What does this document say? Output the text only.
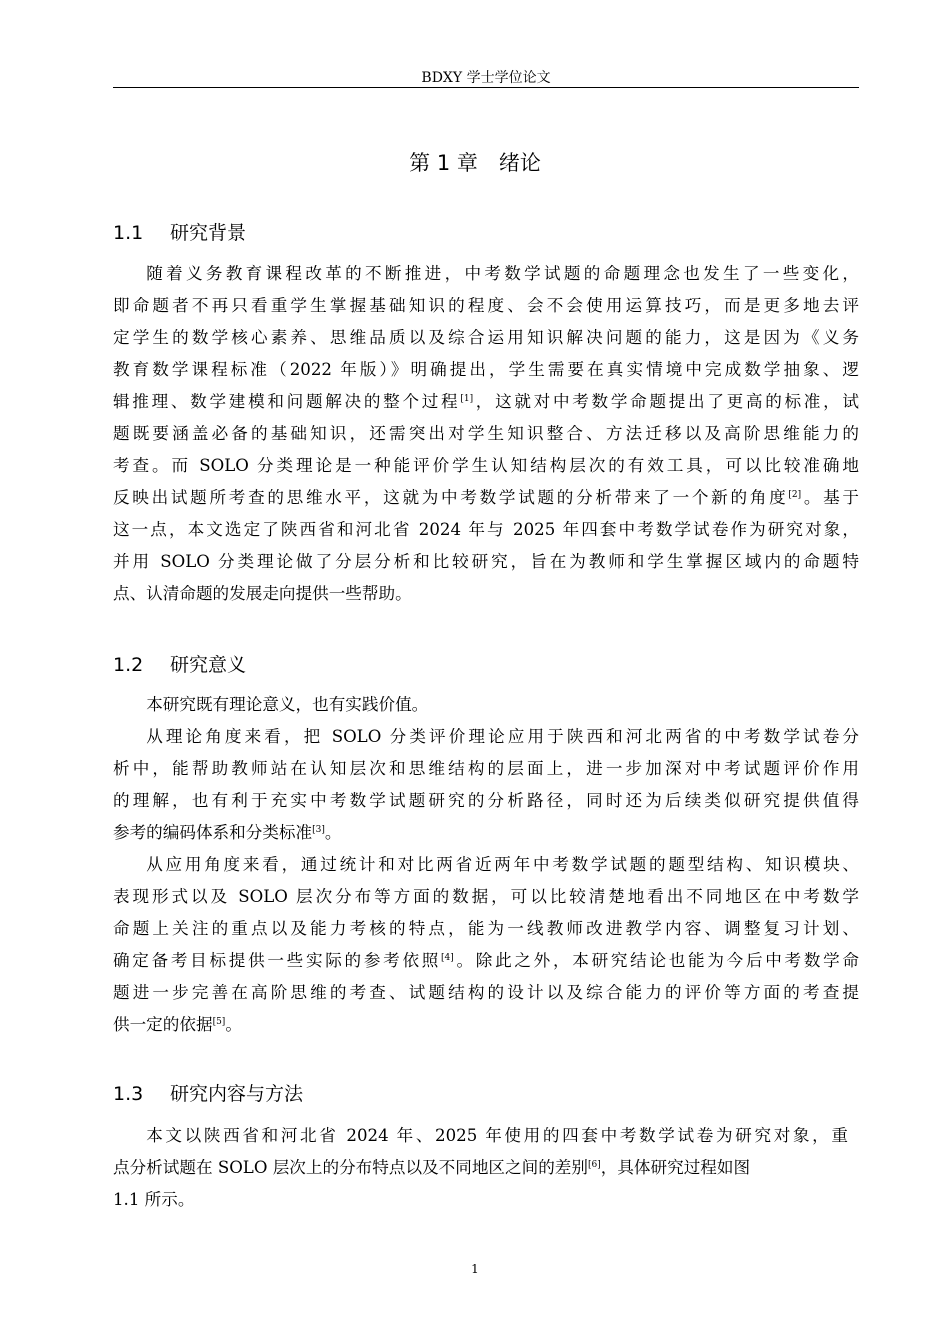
BDXY 学士学位论文
第 1 章　绪论
1.1 研究背景
随着义务教育课程改革的不断推进，中考数学试题的命题理念也发生了一些变化，
即命题者不再只看重学生掌握基础知识的程度、会不会使用运算技巧，而是更多地去评
定学生的数学核心素养、思维品质以及综合运用知识解决问题的能力，这是因为《义务
教育数学课程标准（2022 年版）》明确提出，学生需要在真实情境中完成数学抽象、逻
辑推理、数学建模和问题解决的整个过程[1]，这就对中考数学命题提出了更高的标准，试
题既要涵盖必备的基础知识，还需突出对学生知识整合、方法迁移以及高阶思维能力的
考查。而 SOLO 分类理论是一种能评价学生认知结构层次的有效工具，可以比较准确地
反映出试题所考查的思维水平，这就为中考数学试题的分析带来了一个新的角度[2]。基于
这一点，本文选定了陕西省和河北省 2024 年与 2025 年四套中考数学试卷作为研究对象，
并用 SOLO 分类理论做了分层分析和比较研究，旨在为教师和学生掌握区域内的命题特
点、认清命题的发展走向提供一些帮助。
1.2 研究意义
本研究既有理论意义，也有实践价值。
从理论角度来看，把 SOLO 分类评价理论应用于陕西和河北两省的中考数学试卷分
析中，能帮助教师站在认知层次和思维结构的层面上，进一步加深对中考试题评价作用
的理解，也有利于充实中考数学试题研究的分析路径，同时还为后续类似研究提供值得
参考的编码体系和分类标准[3]。
从应用角度来看，通过统计和对比两省近两年中考数学试题的题型结构、知识模块、
表现形式以及 SOLO 层次分布等方面的数据，可以比较清楚地看出不同地区在中考数学
命题上关注的重点以及能力考核的特点，能为一线教师改进教学内容、调整复习计划、
确定备考目标提供一些实际的参考依照[4]。除此之外，本研究结论也能为今后中考数学命
题进一步完善在高阶思维的考查、试题结构的设计以及综合能力的评价等方面的考查提
供一定的依据[5]。
1.3 研究内容与方法
本文以陕西省和河北省 2024 年、2025 年使用的四套中考数学试卷为研究对象，重
点分析试题在 SOLO 层次上的分布特点以及不同地区之间的差别[6]，具体研究过程如图
1.1 所示。
1
